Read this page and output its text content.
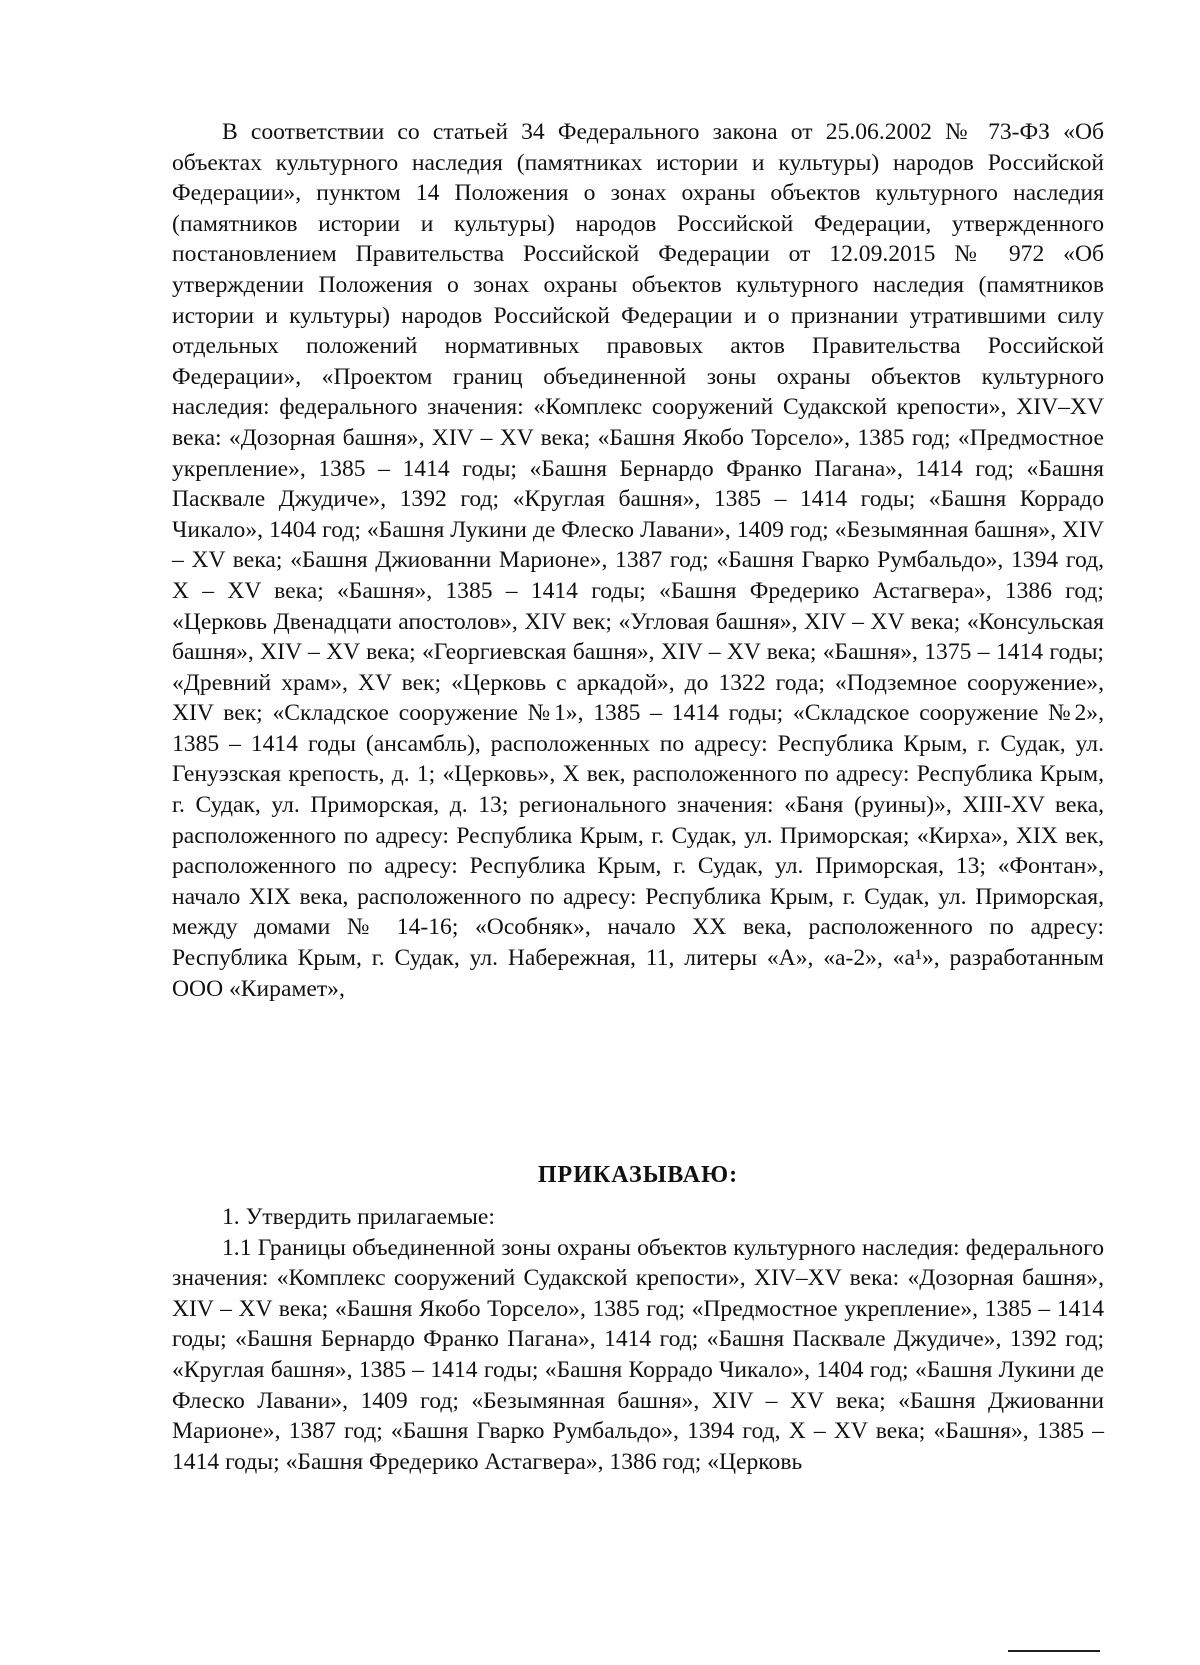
В соответствии со статьей 34 Федерального закона от 25.06.2002 № 73-ФЗ «Об объектах культурного наследия (памятниках истории и культуры) народов Российской Федерации», пунктом 14 Положения о зонах охраны объектов культурного наследия (памятников истории и культуры) народов Российской Федерации, утвержденного постановлением Правительства Российской Федерации от 12.09.2015 № 972 «Об утверждении Положения о зонах охраны объектов культурного наследия (памятников истории и культуры) народов Российской Федерации и о признании утратившими силу отдельных положений нормативных правовых актов Правительства Российской Федерации», «Проектом границ объединенной зоны охраны объектов культурного наследия: федерального значения: «Комплекс сооружений Судакской крепости», XIV–XV века: «Дозорная башня», XIV – XV века; «Башня Якобо Торсело», 1385 год; «Предмостное укрепление», 1385 – 1414 годы; «Башня Бернардо Франко Пагана», 1414 год; «Башня Пасквале Джудиче», 1392 год; «Круглая башня», 1385 – 1414 годы; «Башня Коррадо Чикало», 1404 год; «Башня Лукини де Флеско Лавани», 1409 год; «Безымянная башня», XIV – XV века; «Башня Джиованни Марионе», 1387 год; «Башня Гварко Румбальдо», 1394 год, X – XV века; «Башня», 1385 – 1414 годы; «Башня Фредерико Астагвера», 1386 год; «Церковь Двенадцати апостолов», XIV век; «Угловая башня», XIV – XV века; «Консульская башня», XIV – XV века; «Георгиевская башня», XIV – XV века; «Башня», 1375 – 1414 годы; «Древний храм», XV век; «Церковь с аркадой», до 1322 года; «Подземное сооружение», XIV век; «Складское сооружение №1», 1385 – 1414 годы; «Складское сооружение №2», 1385 – 1414 годы (ансамбль), расположенных по адресу: Республика Крым, г. Судак, ул. Генуэзская крепость, д. 1; «Церковь», X век, расположенного по адресу: Республика Крым, г. Судак, ул. Приморская, д. 13; регионального значения: «Баня (руины)», XIII-XV века, расположенного по адресу: Республика Крым, г. Судак, ул. Приморская; «Кирха», XIX век, расположенного по адресу: Республика Крым, г. Судак, ул. Приморская, 13; «Фонтан», начало XIX века, расположенного по адресу: Республика Крым, г. Судак, ул. Приморская, между домами № 14-16; «Особняк», начало XX века, расположенного по адресу: Республика Крым, г. Судак, ул. Набережная, 11, литеры «А», «а-2», «а¹», разработанным ООО «Кирамет»,

ПРИКАЗЫВАЮ:

1. Утвердить прилагаемые:

1.1 Границы объединенной зоны охраны объектов культурного наследия: федерального значения: «Комплекс сооружений Судакской крепости», XIV–XV века: «Дозорная башня», XIV – XV века; «Башня Якобо Торсело», 1385 год; «Предмостное укрепление», 1385 – 1414 годы; «Башня Бернардо Франко Пагана», 1414 год; «Башня Пасквале Джудиче», 1392 год; «Круглая башня», 1385 – 1414 годы; «Башня Коррадо Чикало», 1404 год; «Башня Лукини де Флеско Лавани», 1409 год; «Безымянная башня», XIV – XV века; «Башня Джиованни Марионе», 1387 год; «Башня Гварко Румбальдо», 1394 год, X – XV века; «Башня», 1385 – 1414 годы; «Башня Фредерико Астагвера», 1386 год; «Церковь
